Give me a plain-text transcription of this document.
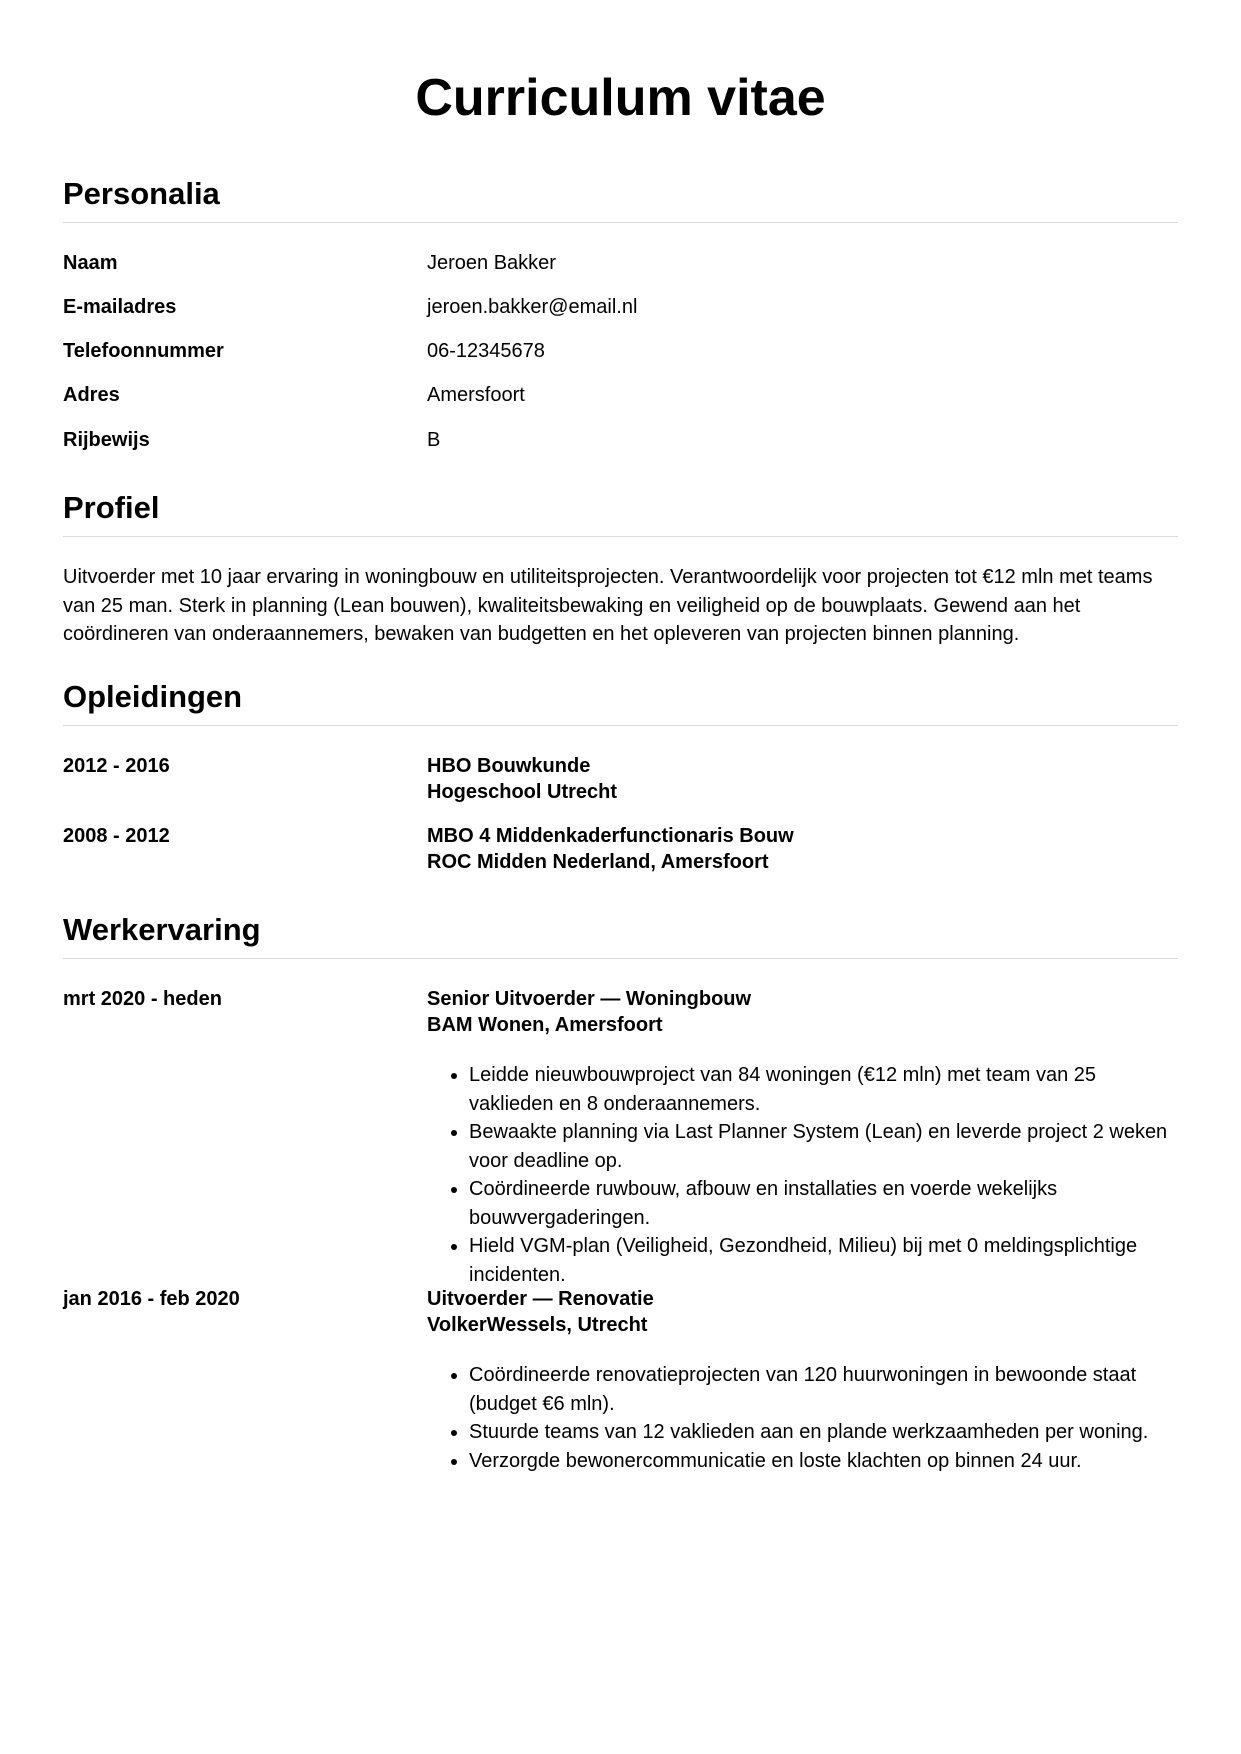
Curriculum vitae
Personalia
Naam	Jeroen Bakker
E-mailadres	jeroen.bakker@email.nl
Telefoonnummer	06-12345678
Adres	Amersfoort
Rijbewijs	B
Profiel

Uitvoerder met 10 jaar ervaring in woningbouw en utiliteitsprojecten. Verantwoordelijk voor projecten tot €12 mln met teams van 25 man. Sterk in planning (Lean bouwen), kwaliteitsbewaking en veiligheid op de bouwplaats. Gewend aan het coördineren van onderaannemers, bewaken van budgetten en het opleveren van projecten binnen planning.

Opleidingen
2012 - 2016	HBO Bouwkunde
Hogeschool Utrecht
2008 - 2012	MBO 4 Middenkaderfunctionaris Bouw
ROC Midden Nederland, Amersfoort
Werkervaring
mrt 2020 - heden	Senior Uitvoerder — Woningbouw
BAM Wonen, Amersfoort
• Leidde nieuwbouwproject van 84 woningen (€12 mln) met team van 25 vaklieden en 8 onderaannemers.
• Bewaakte planning via Last Planner System (Lean) en leverde project 2 weken voor deadline op.
• Coördineerde ruwbouw, afbouw en installaties en voerde wekelijks bouwvergaderingen.
• Hield VGM-plan (Veiligheid, Gezondheid, Milieu) bij met 0 meldingsplichtige incidenten.
jan 2016 - feb 2020	Uitvoerder — Renovatie
VolkerWessels, Utrecht
• Coördineerde renovatieprojecten van 120 huurwoningen in bewoonde staat (budget €6 mln).
• Stuurde teams van 12 vaklieden aan en plande werkzaamheden per woning.
• Verzorgde bewonercommunicatie en loste klachten op binnen 24 uur.
